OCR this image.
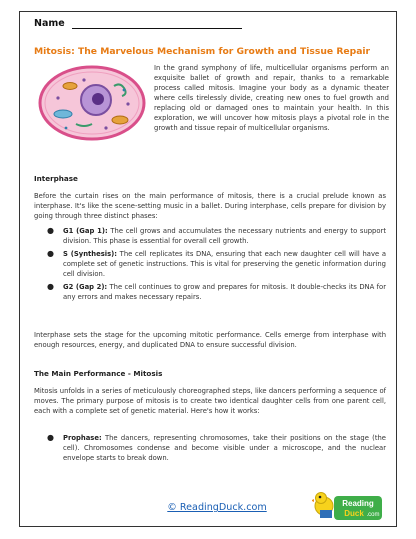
Name
Mitosis: The Marvelous Mechanism for Growth and Tissue Repair

In the grand symphony of life, multicellular organisms perform an exquisite ballet of growth and repair, thanks to a remarkable process called mitosis. Imagine your body as a dynamic theater where cells tirelessly divide, creating new ones to fuel growth and replacing old or damaged ones to maintain your health. In this exploration, we will uncover how mitosis plays a pivotal role in the growth and tissue repair of multicellular organisms.

Interphase

Before the curtain rises on the main performance of mitosis, there is a crucial prelude known as interphase. It's like the scene-setting music in a ballet. During interphase, cells prepare for division by going through three distinct phases:

● G1 (Gap 1): The cell grows and accumulates the necessary nutrients and energy to support division. This phase is essential for overall cell growth.
● S (Synthesis): The cell replicates its DNA, ensuring that each new daughter cell will have a complete set of genetic instructions. This is vital for preserving the genetic information during cell division.
● G2 (Gap 2): The cell continues to grow and prepares for mitosis. It double-checks its DNA for any errors and makes necessary repairs.

Interphase sets the stage for the upcoming mitotic performance. Cells emerge from interphase with enough resources, energy, and duplicated DNA to ensure successful division.

The Main Performance - Mitosis

Mitosis unfolds in a series of meticulously choreographed steps, like dancers performing a sequence of moves. The primary purpose of mitosis is to create two identical daughter cells from one parent cell, each with a complete set of genetic material. Here's how it works:

● Prophase: The dancers, representing chromosomes, take their positions on the stage (the cell). Chromosomes condense and become visible under a microscope, and the nuclear envelope starts to break down.
© ReadingDuck.com	Reading
Duck .com
